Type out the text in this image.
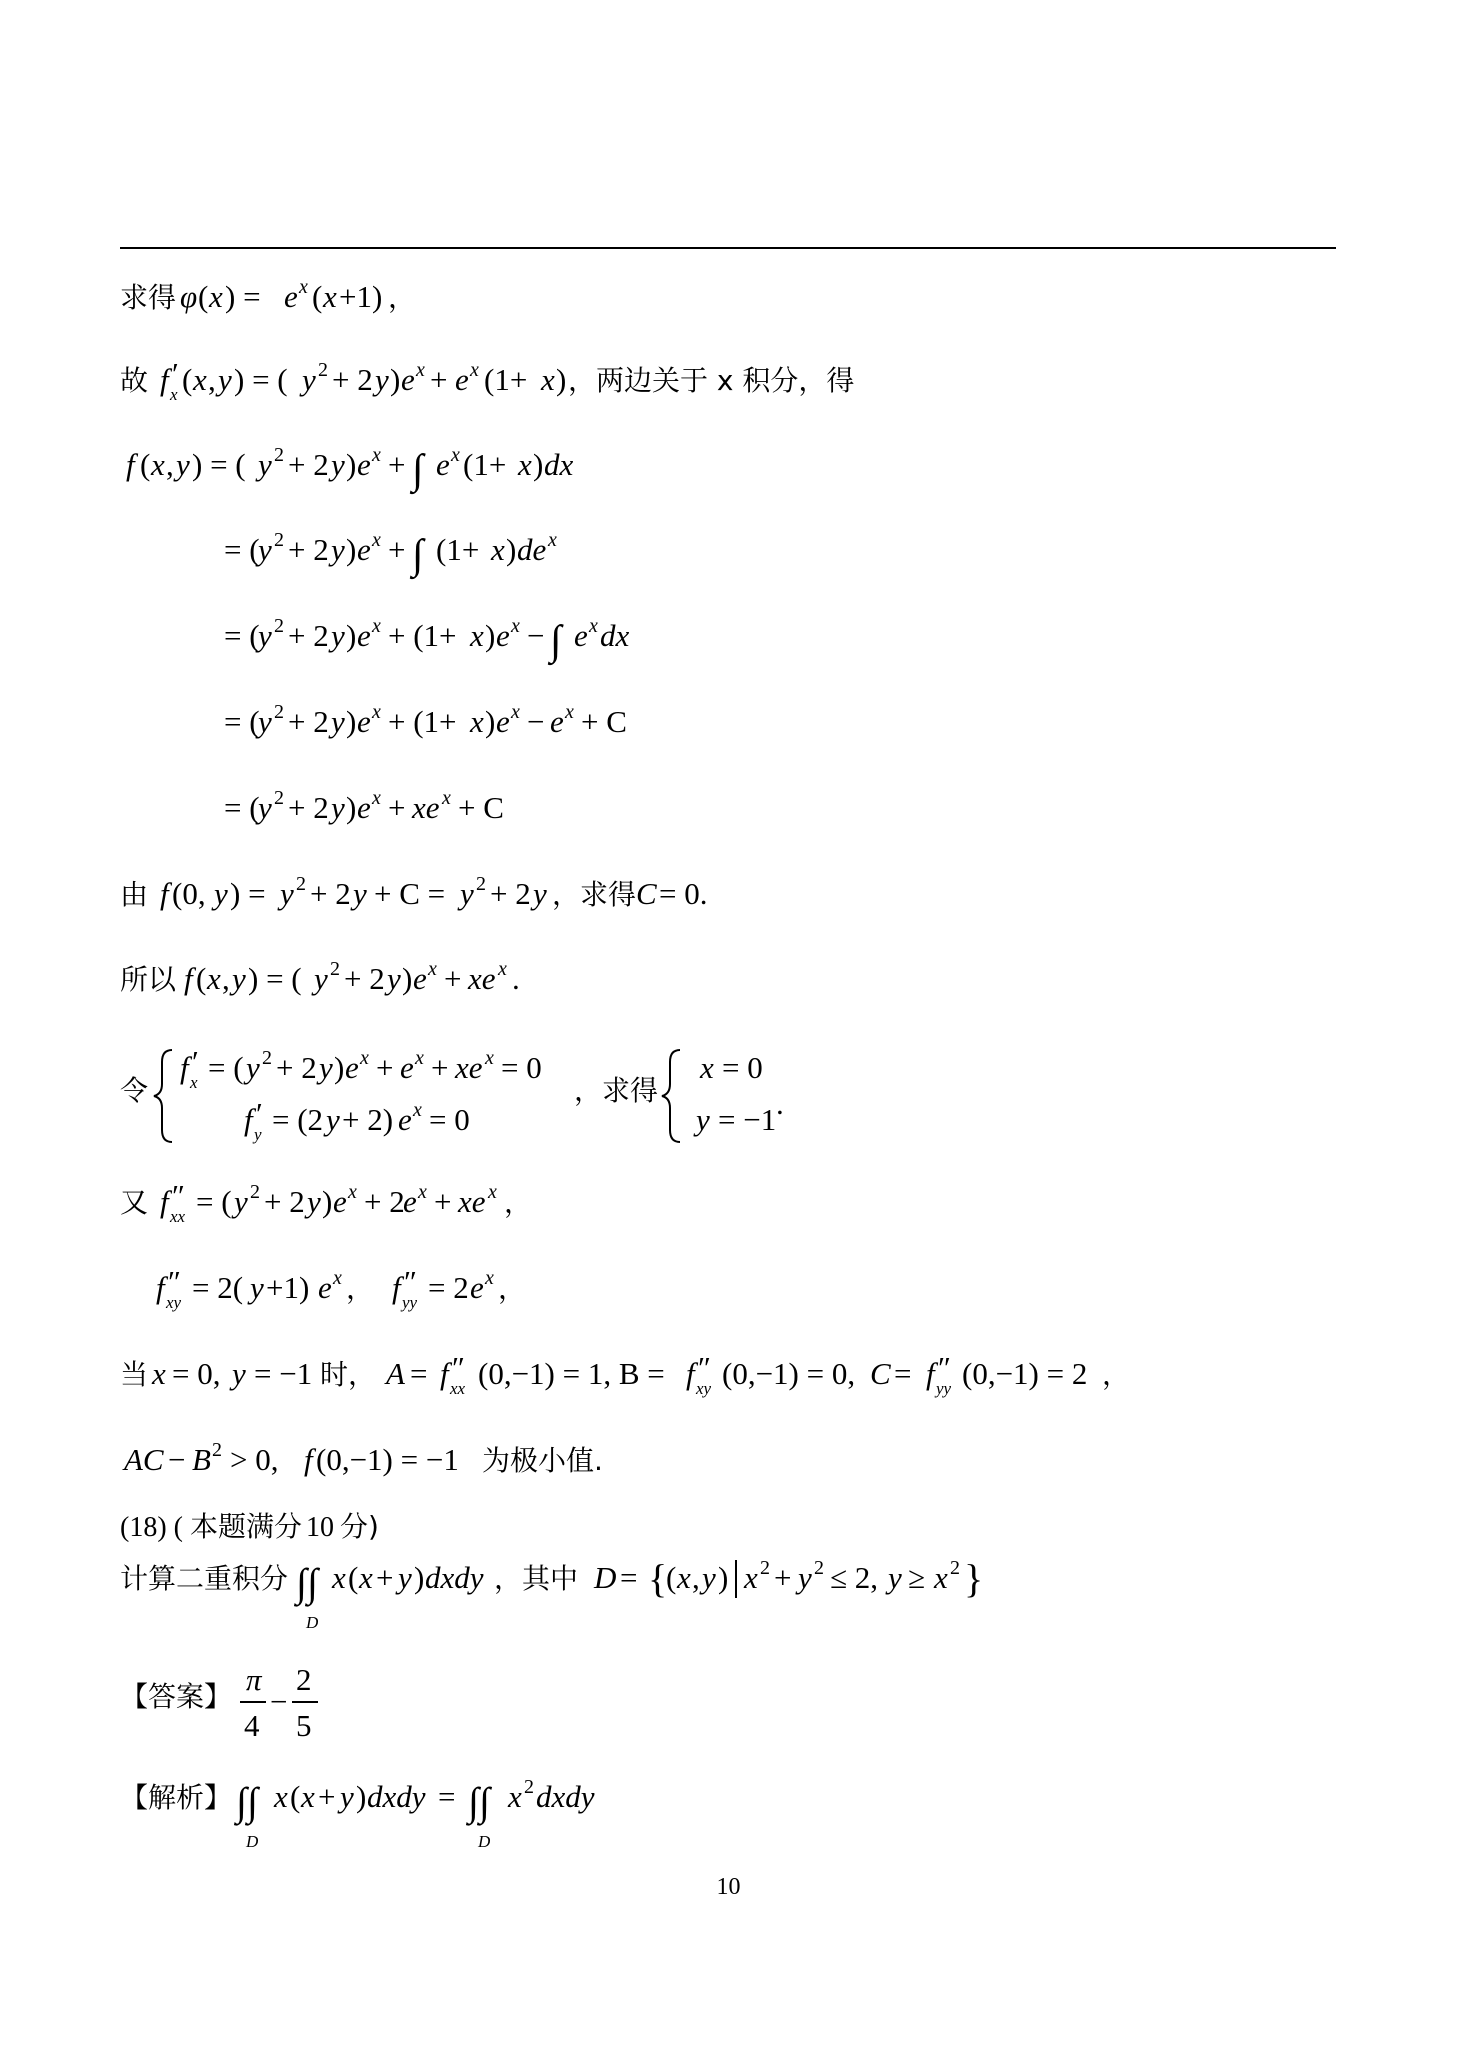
求得 φ ( x ) = e x ( x +1) ，
故 f ′
x ( x , y ) = ( y 2 + 2 y ) e x + e x (1+ x ) ，两边关于 x 积分，得
f ( x , y ) = ( y 2 + 2 y ) e x + ∫ e x (1+ x ) dx
= (
y 2 + 2 y ) e x + ∫ (1+ x ) de x
= (
y 2 + 2 y ) e x + (1+ x ) e x − ∫ e x dx
= (
y 2 + 2 y ) e x + (1+ x ) e x − e x + C
= (
y 2 + 2 y ) e x + xe x + C
由 f (0, y ) = y 2 + 2 y + C = y 2 + 2 y ，求得 C = 0.
所以 f ( x , y ) = ( y 2 + 2 y ) e x + xe x .
令
f ′
x = ( y 2 + 2 y ) e x + e x + xe x = 0
f ′
y = (2 y + 2) e x = 0
，求得
x = 0
y = −1 .
又 f ″
xx = ( y 2 + 2 y ) e x + 2
e x + xe x ，
f ″
xy = 2( y +1) e x ， f ″
yy = 2 e x ，
当 x = 0, y = −1 时， A = f ″
xx (0,−1) = 1, B = f ″
xy (0,−1) = 0, C = f ″
yy (0,−1) = 2 ，
AC − B 2 > 0, f (0,−1) = −1 为极小值.
(18) ( 本题满分 10 分)
计算二重积分 ∫∫
D
x ( x + y ) dxdy ，其中 D = {
( x , y ) x 2 + y 2 ≤ 2, y ≥ x 2 }
【答案】 π
4
−
2
5
【解析】 ∫∫
D
x ( x + y ) dxdy = ∫∫
D
x 2 dxdy
10
